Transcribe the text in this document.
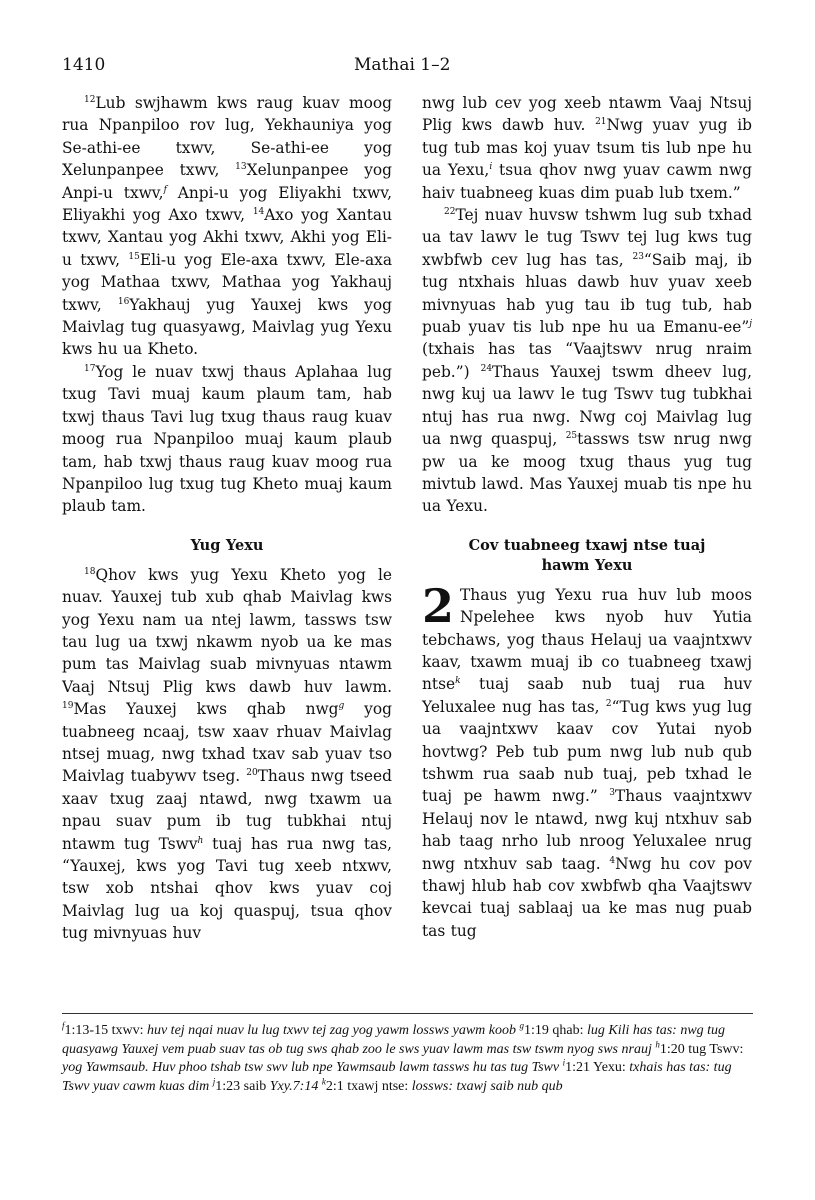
1410	Mathai 1–2

$^{12}$Lub swjhawm kws raug kuav moog rua Npanpiloo rov lug, Yekhauniya yog Se-athi-ee txwv, Se-athi-ee yog Xelunpanpee txwv, $^{13}$Xelunpanpee yog Anpi-u txwv,$^f$ Anpi-u yog Eliyakhi txwv, Eliyakhi yog Axo txwv, $^{14}$Axo yog Xantau txwv, Xantau yog Akhi txwv, Akhi yog Eli-u txwv, $^{15}$Eli-u yog Ele-axa txwv, Ele-axa yog Mathaa txwv, Mathaa yog Yakhauj txwv, $^{16}$Yakhauj yug Yauxej kws yog Maivlag tug quasyawg, Maivlag yug Yexu kws hu ua Kheto.

$^{17}$Yog le nuav txwj thaus Aplahaa lug txug Tavi muaj kaum plaum tam, hab txwj thaus Tavi lug txug thaus raug kuav moog rua Npanpiloo muaj kaum plaub tam, hab txwj thaus raug kuav moog rua Npanpiloo lug txug tug Kheto muaj kaum plaub tam.

Yug Yexu

$^{18}$Qhov kws yug Yexu Kheto yog le nuav. Yauxej tub xub qhab Maivlag kws yog Yexu nam ua ntej lawm, tassws tsw tau lug ua txwj nkawm nyob ua ke mas pum tas Maivlag suab mivnyuas ntawm Vaaj Ntsuj Plig kws dawb huv lawm. $^{19}$Mas Yauxej kws qhab nwg$^g$ yog tuabneeg ncaaj, tsw xaav rhuav Maivlag ntsej muag, nwg txhad txav sab yuav tso Maivlag tuabywv tseg. $^{20}$Thaus nwg tseed xaav txug zaaj ntawd, nwg txawm ua npau suav pum ib tug tubkhai ntuj ntawm tug Tswv$^h$ tuaj has rua nwg tas, “Yauxej, kws yog Tavi tug xeeb ntxwv, tsw xob ntshai qhov kws yuav coj Maivlag lug ua koj quaspuj, tsua qhov tug mivnyuas huv

nwg lub cev yog xeeb ntawm Vaaj Ntsuj Plig kws dawb huv. $^{21}$Nwg yuav yug ib tug tub mas koj yuav tsum tis lub npe hu ua Yexu,$^i$ tsua qhov nwg yuav cawm nwg haiv tuabneeg kuas dim puab lub txem.”

$^{22}$Tej nuav huvsw tshwm lug sub txhad ua tav lawv le tug Tswv tej lug kws tug xwbfwb cev lug has tas, $^{23}$“Saib maj, ib tug ntxhais hluas dawb huv yuav xeeb mivnyuas hab yug tau ib tug tub, hab puab yuav tis lub npe hu ua Emanu-ee”$^j$ (txhais has tas “Vaajtswv nrug nraim peb.”) $^{24}$Thaus Yauxej tswm dheev lug, nwg kuj ua lawv le tug Tswv tug tubkhai ntuj has rua nwg. Nwg coj Maivlag lug ua nwg quaspuj, $^{25}$tassws tsw nrug nwg pw ua ke moog txug thaus yug tug mivtub lawd. Mas Yauxej muab tis npe hu ua Yexu.

Cov tuabneeg txawj ntse tuaj
hawm Yexu

2 Thaus yug Yexu rua huv lub moos Npelehee kws nyob huv Yutia tebchaws, yog thaus Helauj ua vaajntxwv kaav, txawm muaj ib co tuabneeg txawj ntse$^k$ tuaj saab nub tuaj rua huv Yeluxalee nug has tas, $^2$“Tug kws yug lug ua vaajntxwv kaav cov Yutai nyob hovtwg? Peb tub pum nwg lub nub qub tshwm rua saab nub tuaj, peb txhad le tuaj pe hawm nwg.” $^3$Thaus vaajntxwv Helauj nov le ntawd, nwg kuj ntxhuv sab hab taag nrho lub nroog Yeluxalee nrug nwg ntxhuv sab taag. $^4$Nwg hu cov pov thawj hlub hab cov xwbfwb qha Vaajtswv kevcai tuaj sablaaj ua ke mas nug puab tas tug

$^f$1:13-15 txwv: huv tej nqai nuav lu lug txwv tej zag yog yawm lossws yawm koob $^g$1:19 qhab: lug Kili has tas: nwg tug quasyawg Yauxej vem puab suav tas ob tug sws qhab zoo le sws yuav lawm mas tsw tswm nyog sws nrauj $^h$1:20 tug Tswv: yog Yawmsaub. Huv phoo tshab tsw swv lub npe Yawmsaub lawm tassws hu tas tug Tswv $^i$1:21 Yexu: txhais has tas: tug Tswv yuav cawm kuas dim $^j$1:23 saib Yxy.7:14 $^k$2:1 txawj ntse: lossws: txawj saib nub qub
